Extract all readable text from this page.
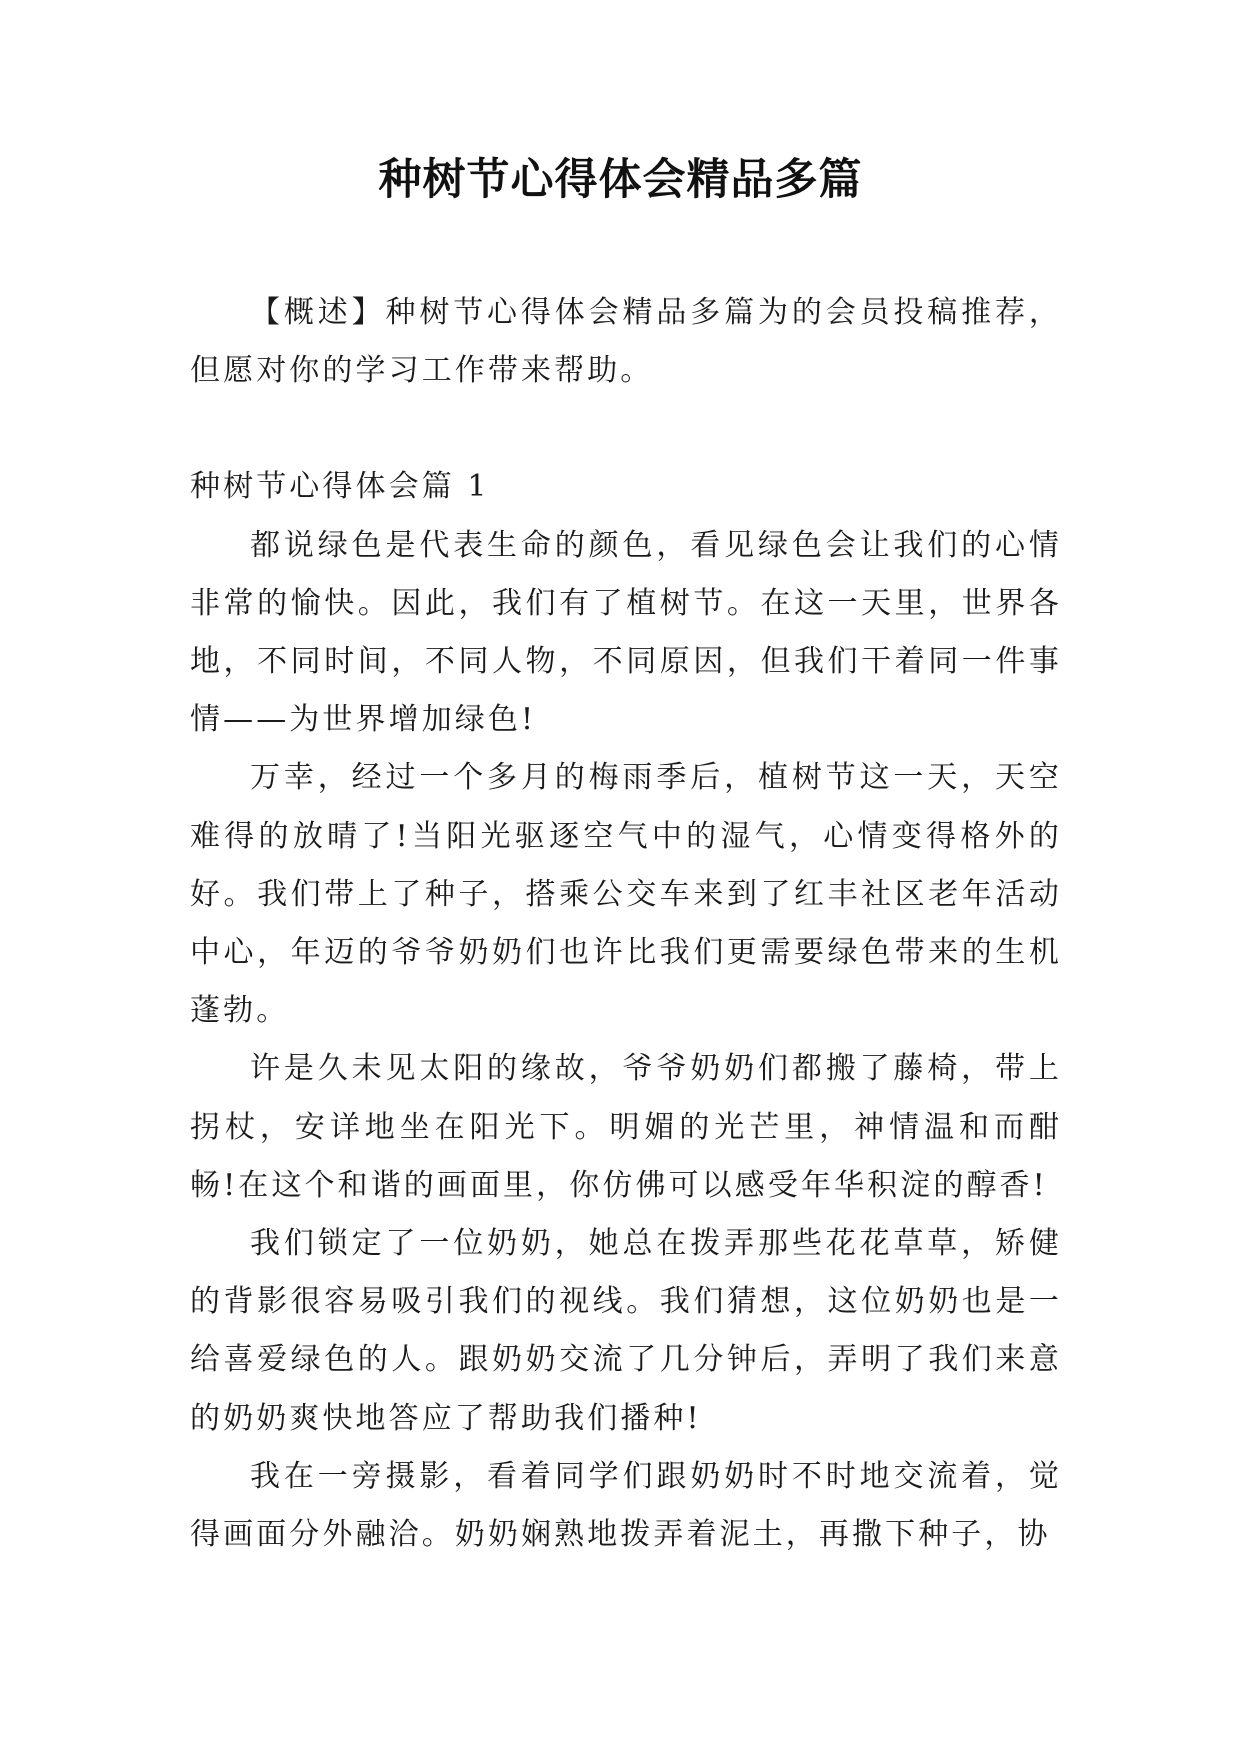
种树节心得体会精品多篇

【概述】种树节心得体会精品多篇为的会员投稿推荐，但愿对你的学习工作带来帮助。

种树节心得体会篇 1

都说绿色是代表生命的颜色，看见绿色会让我们的心情非常的愉快。因此，我们有了植树节。在这一天里，世界各地，不同时间，不同人物，不同原因，但我们干着同一件事情——为世界增加绿色!

万幸，经过一个多月的梅雨季后，植树节这一天，天空难得的放晴了!当阳光驱逐空气中的湿气，心情变得格外的好。我们带上了种子，搭乘公交车来到了红丰社区老年活动中心，年迈的爷爷奶奶们也许比我们更需要绿色带来的生机蓬勃。

许是久未见太阳的缘故，爷爷奶奶们都搬了藤椅，带上拐杖，安详地坐在阳光下。明媚的光芒里，神情温和而酣畅!在这个和谐的画面里，你仿佛可以感受年华积淀的醇香!

我们锁定了一位奶奶，她总在拨弄那些花花草草，矫健的背影很容易吸引我们的视线。我们猜想，这位奶奶也是一给喜爱绿色的人。跟奶奶交流了几分钟后，弄明了我们来意的奶奶爽快地答应了帮助我们播种!

我在一旁摄影，看着同学们跟奶奶时不时地交流着，觉得画面分外融洽。奶奶娴熟地拨弄着泥土，再撒下种子，协
